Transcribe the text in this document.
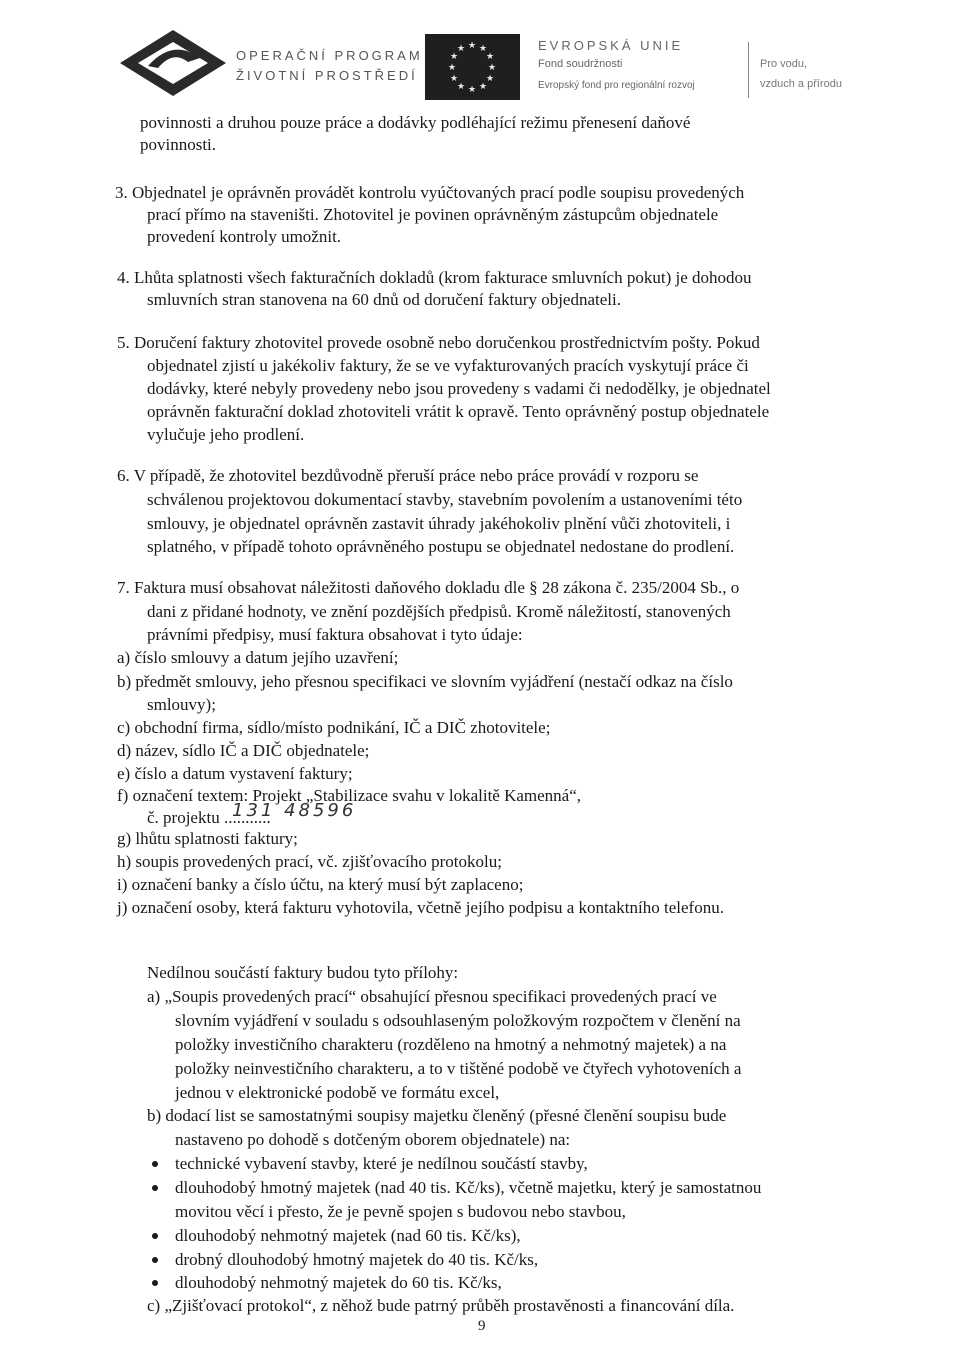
OPERAČNÍ PROGRAM
ŽIVOTNÍ PROSTŘEDÍ
★ ★
★
★
★
★
★
★
★
★
★
★	EVROPSKÁ UNIE
Fond soudržnosti
Evropský fond pro regionální rozvoj
Pro vodu,
vzduch a přírodu
povinnosti a druhou pouze práce a dodávky podléhající režimu přenesení daňové
povinnosti.
3. Objednatel je oprávněn provádět kontrolu vyúčtovaných prací podle soupisu provedených
prací přímo na staveništi. Zhotovitel je povinen oprávněným zástupcům objednatele
provedení kontroly umožnit.
4. Lhůta splatnosti všech fakturačních dokladů (krom fakturace smluvních pokut) je dohodou
smluvních stran stanovena na 60 dnů od doručení faktury objednateli.
5. Doručení faktury zhotovitel provede osobně nebo doručenkou prostřednictvím pošty. Pokud
objednatel zjistí u jakékoliv faktury, že se ve vyfakturovaných pracích vyskytují práce či
dodávky, které nebyly provedeny nebo jsou provedeny s vadami či nedodělky, je objednatel
oprávněn fakturační doklad zhotoviteli vrátit k opravě. Tento oprávněný postup objednatele
vylučuje jeho prodlení.
6. V případě, že zhotovitel bezdůvodně přeruší práce nebo práce provádí v rozporu se
schválenou projektovou dokumentací stavby, stavebním povolením a ustanoveními této
smlouvy, je objednatel oprávněn zastavit úhrady jakéhokoliv plnění vůči zhotoviteli, i
splatného, v případě tohoto oprávněného postupu se objednatel nedostane do prodlení.
7. Faktura musí obsahovat náležitosti daňového dokladu dle § 28 zákona č. 235/2004 Sb., o
dani z přidané hodnoty, ve znění pozdějších předpisů. Kromě náležitostí, stanovených
právními předpisy, musí faktura obsahovat i tyto údaje:
a) číslo smlouvy a datum jejího uzavření;
b) předmět smlouvy, jeho přesnou specifikaci ve slovním vyjádření (nestačí odkaz na číslo
smlouvy);
c) obchodní firma, sídlo/místo podnikání, IČ a DIČ zhotovitele;
d) název, sídlo IČ a DIČ objednatele;
e) číslo a datum vystavení faktury;
f) označení textem: Projekt „Stabilizace svahu v lokalitě Kamenná“,
č. projektu ...........
131 48596
g) lhůtu splatnosti faktury;
h) soupis provedených prací, vč. zjišťovacího protokolu;
i) označení banky a číslo účtu, na který musí být zaplaceno;
j) označení osoby, která fakturu vyhotovila, včetně jejího podpisu a kontaktního telefonu.
Nedílnou součástí faktury budou tyto přílohy:
a) „Soupis provedených prací“ obsahující přesnou specifikaci provedených prací ve
slovním vyjádření v souladu s odsouhlaseným položkovým rozpočtem v členění na
položky investičního charakteru (rozděleno na hmotný a nehmotný majetek) a na
položky neinvestičního charakteru, a to v tištěné podobě ve čtyřech vyhotoveních a
jednou v elektronické podobě ve formátu excel,
b) dodací list se samostatnými soupisy majetku členěný (přesné členění soupisu bude
nastaveno po dohodě s dotčeným oborem objednatele) na:
technické vybavení stavby, které je nedílnou součástí stavby,
dlouhodobý hmotný majetek (nad 40 tis. Kč/ks), včetně majetku, který je samostatnou
movitou věcí i přesto, že je pevně spojen s budovou nebo stavbou,
dlouhodobý nehmotný majetek (nad 60 tis. Kč/ks),
drobný dlouhodobý hmotný majetek do 40 tis. Kč/ks,
dlouhodobý nehmotný majetek do 60 tis. Kč/ks,
c) „Zjišťovací protokol“, z něhož bude patrný průběh prostavěnosti a financování díla.
9
